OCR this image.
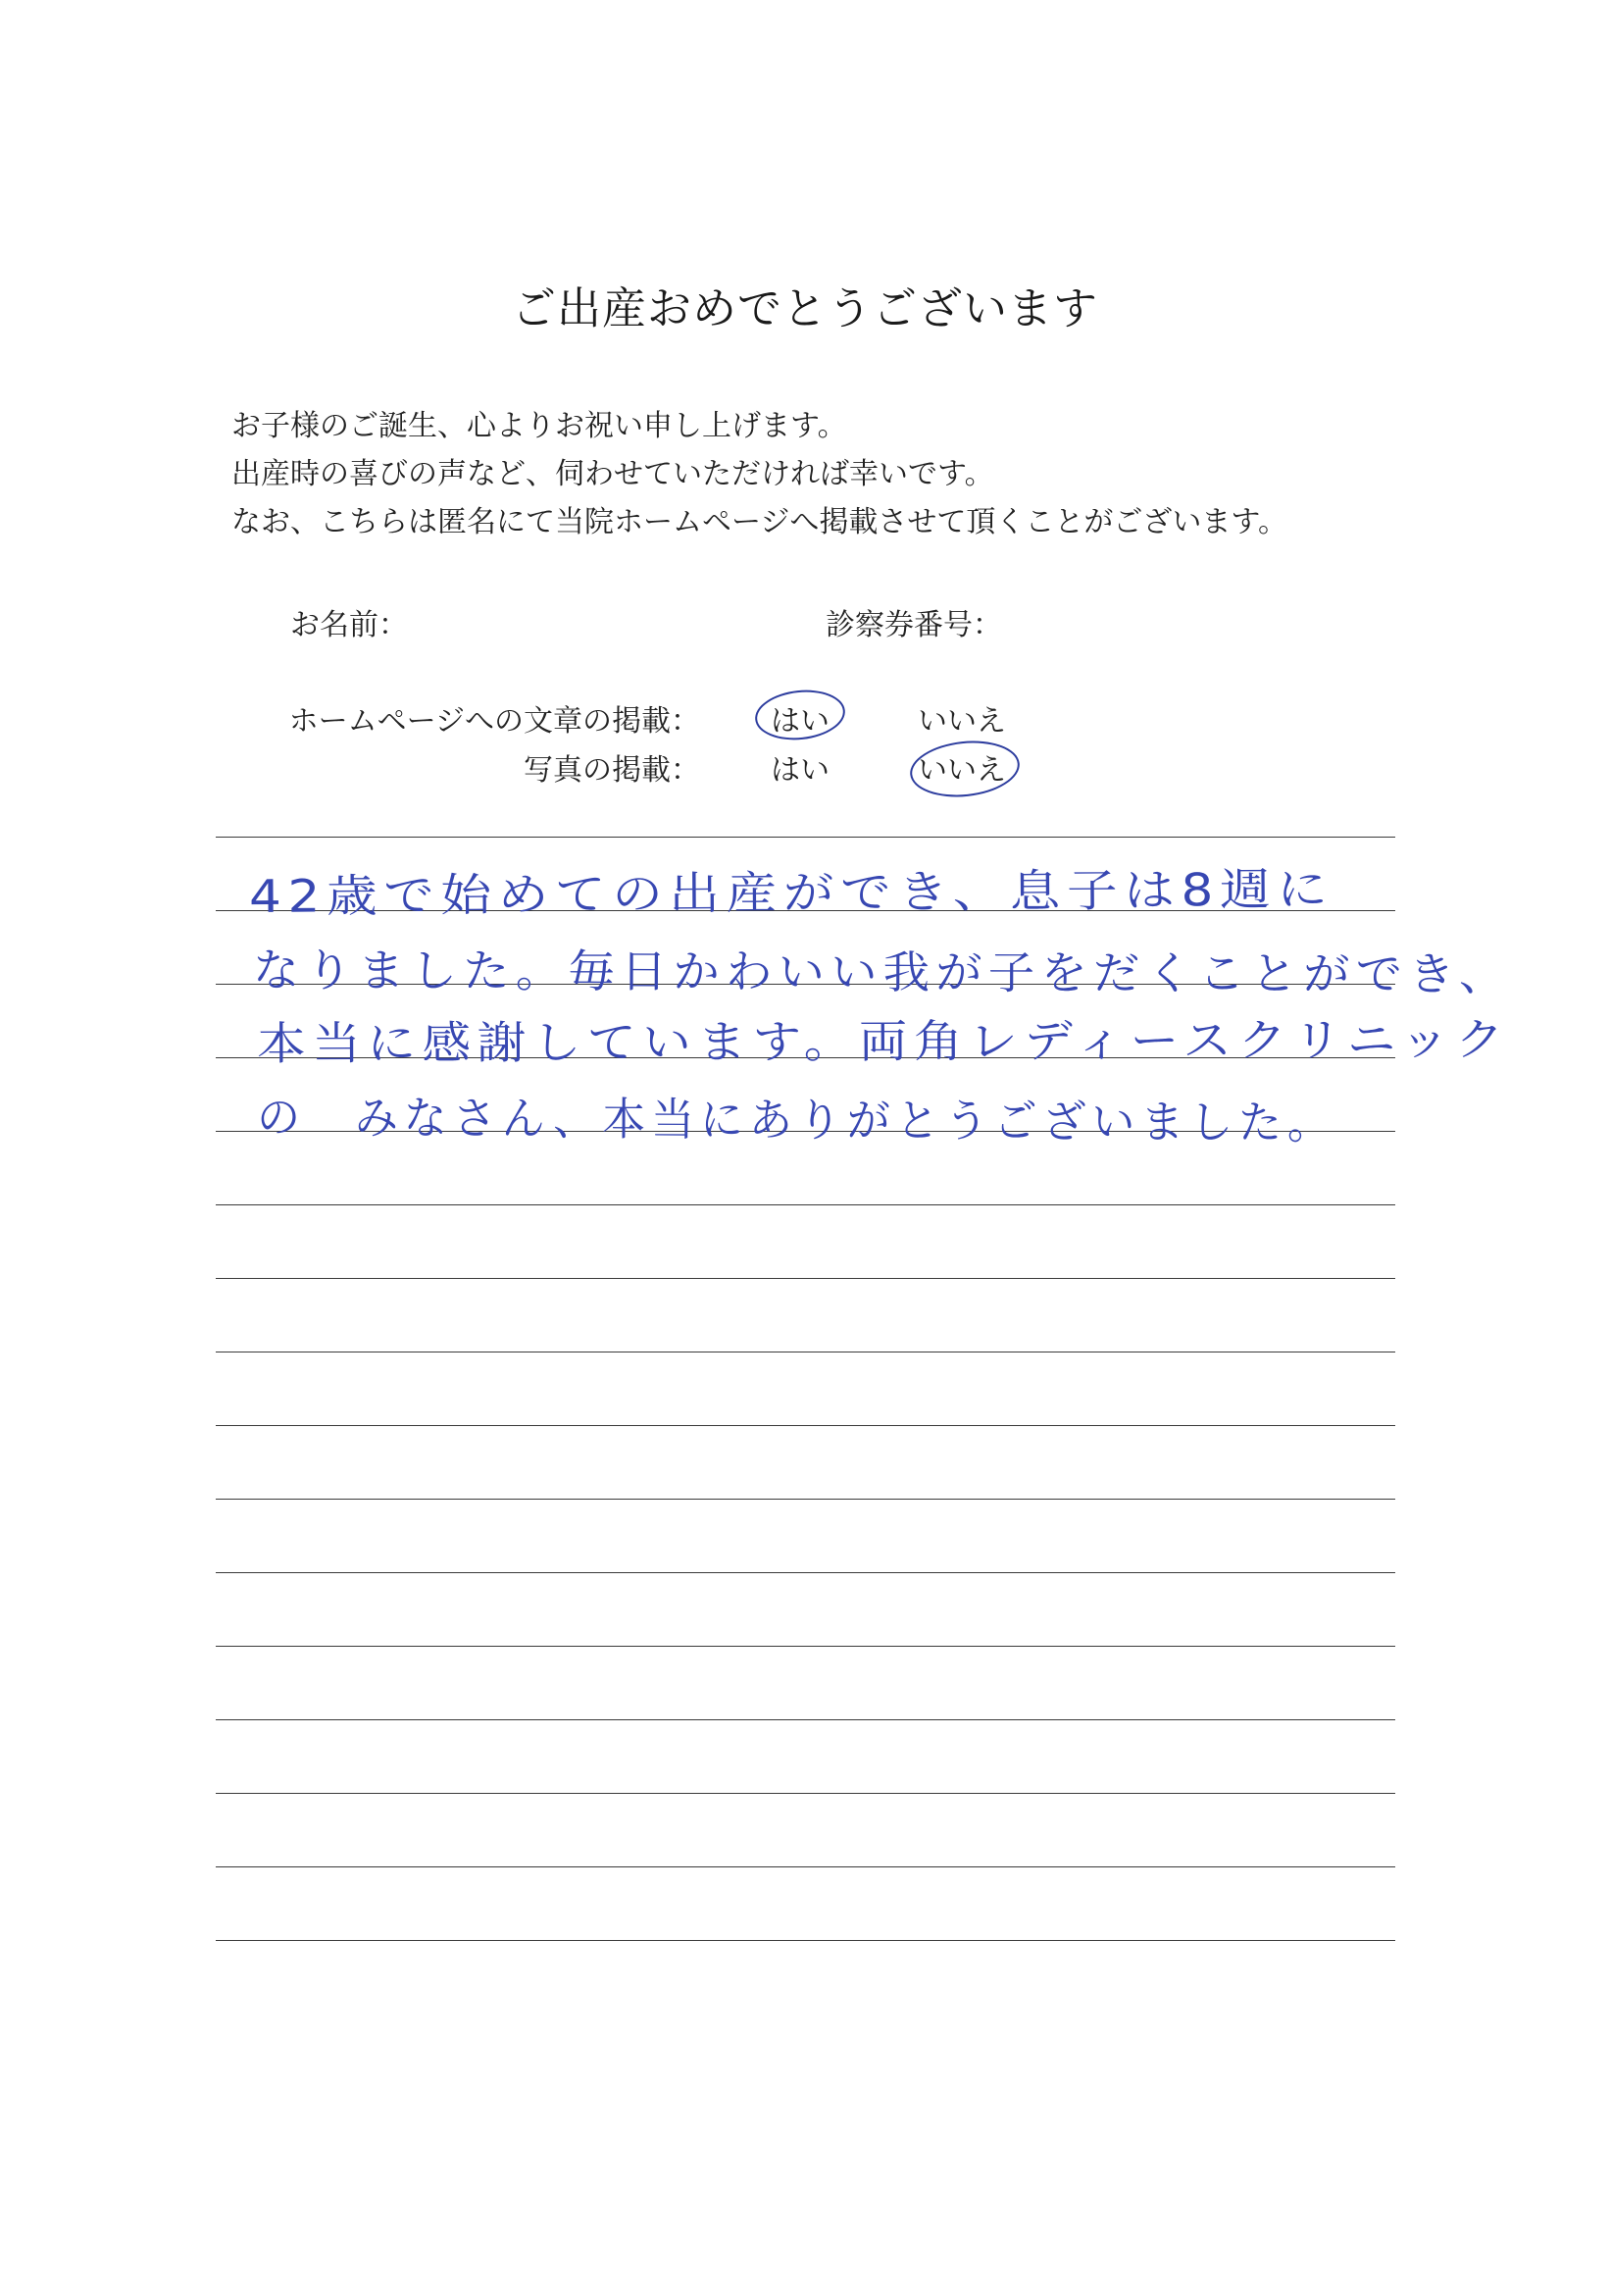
ご出産おめでとうございます
お子様のご誕生、心よりお祝い申し上げます。
出産時の喜びの声など、伺わせていただければ幸いです。
なお、こちらは匿名にて当院ホームページへ掲載させて頂くことがございます。
お名前：	診察券番号：
ホームページへの文章の掲載： はい	いいえ
写真の掲載： はい	いいえ
42歳で始めての出産ができ、息子は8週に
なりました。毎日かわいい我が子をだくことができ、
本当に感謝しています。両角レディースクリニック
の　みなさん、本当にありがとうございました。
